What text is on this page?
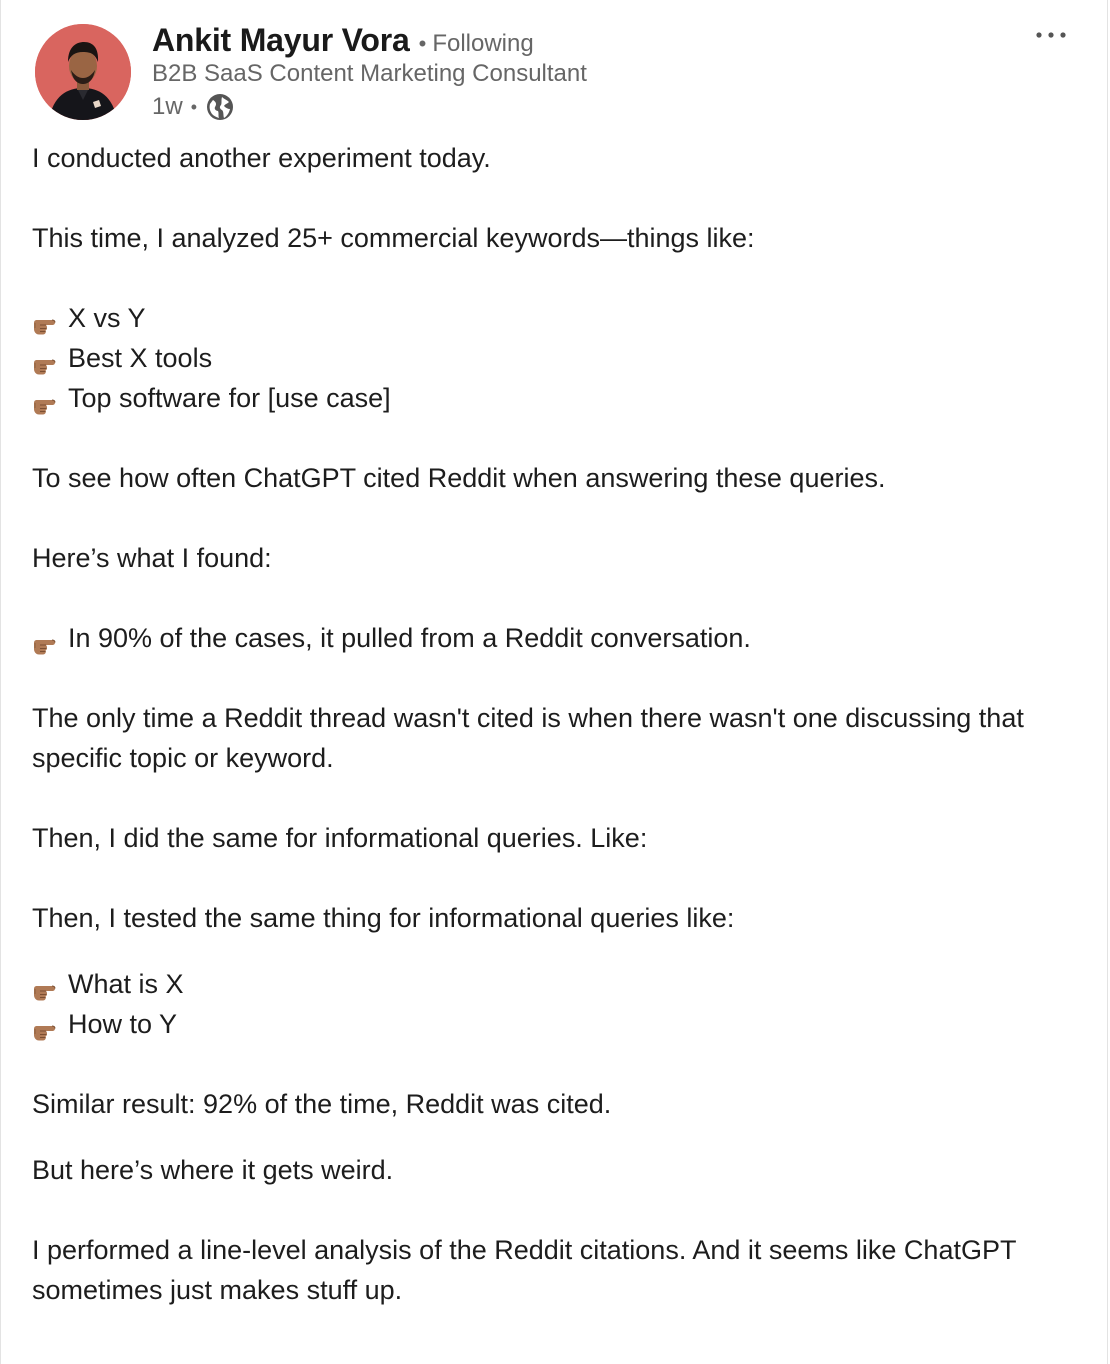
Ankit Mayur Vora • Following
B2B SaaS Content Marketing Consultant
1w •

I conducted another experiment today.

This time, I analyzed 25+ commercial keywords—things like:

X vs Y
Best X tools
Top software for [use case]

To see how often ChatGPT cited Reddit when answering these queries.

Here’s what I found:

In 90% of the cases, it pulled from a Reddit conversation.

The only time a Reddit thread wasn't cited is when there wasn't one discussing that specific topic or keyword.

Then, I did the same for informational queries. Like:

Then, I tested the same thing for informational queries like:

What is X
How to Y

Similar result: 92% of the time, Reddit was cited.

But here’s where it gets weird.

I performed a line-level analysis of the Reddit citations. And it seems like ChatGPT sometimes just makes stuff up.
